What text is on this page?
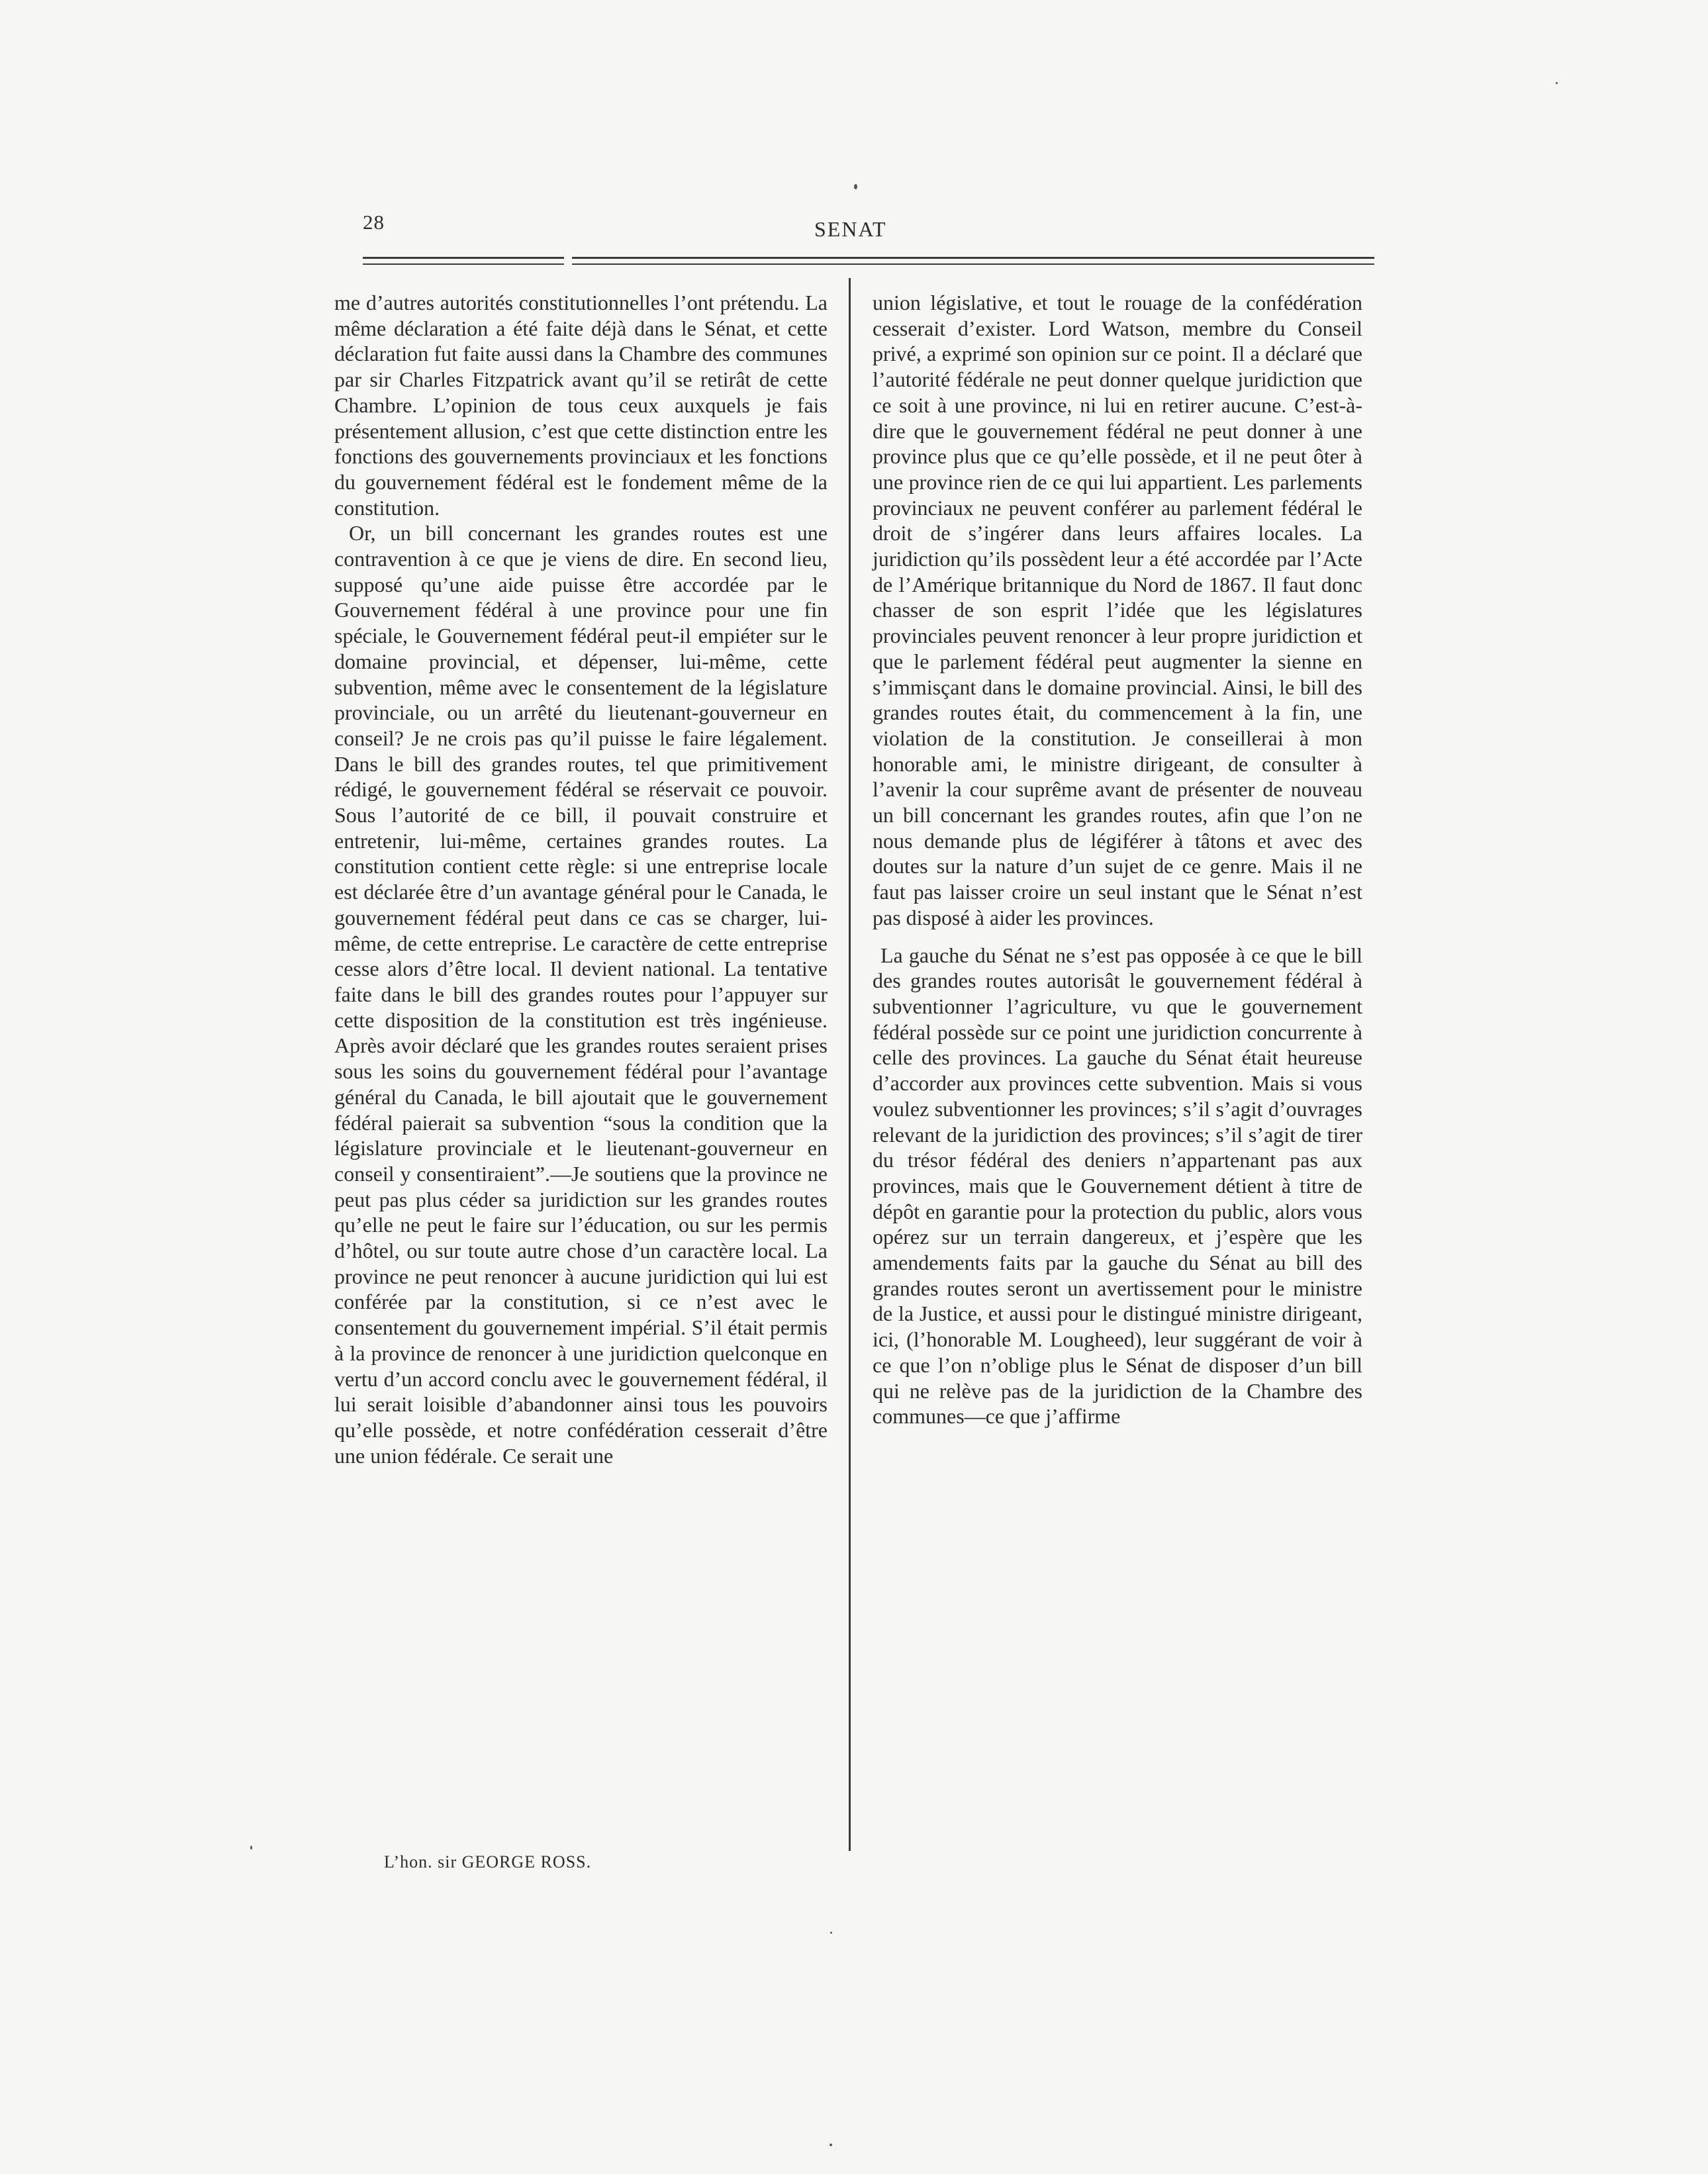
28	SENAT

me d’autres autorités constitutionnelles l’ont prétendu. La même déclaration a été faite déjà dans le Sénat, et cette déclaration fut faite aussi dans la Chambre des communes par sir Charles Fitzpatrick avant qu’il se retirât de cette Chambre. L’opinion de tous ceux auxquels je fais présentement allusion, c’est que cette distinction entre les fonctions des gouvernements provinciaux et les fonctions du gouvernement fédéral est le fondement même de la constitution.

Or, un bill concernant les grandes routes est une contravention à ce que je viens de dire. En second lieu, supposé qu’une aide puisse être accordée par le Gouvernement fédéral à une province pour une fin spéciale, le Gouvernement fédéral peut-il empiéter sur le domaine provincial, et dépenser, lui-même, cette subvention, même avec le consentement de la législature provinciale, ou un arrêté du lieutenant-gouverneur en conseil? Je ne crois pas qu’il puisse le faire légalement. Dans le bill des grandes routes, tel que primitivement rédigé, le gouvernement fédéral se réservait ce pouvoir. Sous l’autorité de ce bill, il pouvait construire et entretenir, lui-même, certaines grandes routes. La constitution contient cette règle: si une entreprise locale est déclarée être d’un avantage général pour le Canada, le gouvernement fédéral peut dans ce cas se charger, lui-même, de cette entreprise. Le caractère de cette entreprise cesse alors d’être local. Il devient national. La tentative faite dans le bill des grandes routes pour l’appuyer sur cette disposition de la constitution est très ingénieuse. Après avoir déclaré que les grandes routes seraient prises sous les soins du gouvernement fédéral pour l’avantage général du Canada, le bill ajoutait que le gouvernement fédéral paierait sa subvention “sous la condition que la législature provinciale et le lieutenant-gouverneur en conseil y consentiraient”.—Je soutiens que la province ne peut pas plus céder sa juridiction sur les grandes routes qu’elle ne peut le faire sur l’éducation, ou sur les permis d’hôtel, ou sur toute autre chose d’un caractère local. La province ne peut renoncer à aucune juridiction qui lui est conférée par la constitution, si ce n’est avec le consentement du gouvernement impérial. S’il était permis à la province de renoncer à une juridiction quelconque en vertu d’un accord conclu avec le gouvernement fédéral, il lui serait loisible d’abandonner ainsi tous les pouvoirs qu’elle possède, et notre confédération cesserait d’être une union fédérale. Ce serait une

union législative, et tout le rouage de la confédération cesserait d’exister. Lord Watson, membre du Conseil privé, a exprimé son opinion sur ce point. Il a déclaré que l’autorité fédérale ne peut donner quelque juridiction que ce soit à une province, ni lui en retirer aucune. C’est-à-dire que le gouvernement fédéral ne peut donner à une province plus que ce qu’elle possède, et il ne peut ôter à une province rien de ce qui lui appartient. Les parlements provinciaux ne peuvent conférer au parlement fédéral le droit de s’ingérer dans leurs affaires locales. La juridiction qu’ils possèdent leur a été accordée par l’Acte de l’Amérique britannique du Nord de 1867. Il faut donc chasser de son esprit l’idée que les législatures provinciales peuvent renoncer à leur propre juridiction et que le parlement fédéral peut augmenter la sienne en s’immisçant dans le domaine provincial. Ainsi, le bill des grandes routes était, du commencement à la fin, une violation de la constitution. Je conseillerai à mon honorable ami, le ministre dirigeant, de consulter à l’avenir la cour suprême avant de présenter de nouveau un bill concernant les grandes routes, afin que l’on ne nous demande plus de légiférer à tâtons et avec des doutes sur la nature d’un sujet de ce genre. Mais il ne faut pas laisser croire un seul instant que le Sénat n’est pas disposé à aider les provinces.

La gauche du Sénat ne s’est pas opposée à ce que le bill des grandes routes autorisât le gouvernement fédéral à subventionner l’agriculture, vu que le gouvernement fédéral possède sur ce point une juridiction concurrente à celle des provinces. La gauche du Sénat était heureuse d’accorder aux provinces cette subvention. Mais si vous voulez subventionner les provinces; s’il s’agit d’ouvrages relevant de la juridiction des provinces; s’il s’agit de tirer du trésor fédéral des deniers n’appartenant pas aux provinces, mais que le Gouvernement détient à titre de dépôt en garantie pour la protection du public, alors vous opérez sur un terrain dangereux, et j’espère que les amendements faits par la gauche du Sénat au bill des grandes routes seront un avertissement pour le ministre de la Justice, et aussi pour le distingué ministre dirigeant, ici, (l’honorable M. Lougheed), leur suggérant de voir à ce que l’on n’oblige plus le Sénat de disposer d’un bill qui ne relève pas de la juridiction de la Chambre des communes—ce que j’affirme

L’hon. sir GEORGE ROSS.
